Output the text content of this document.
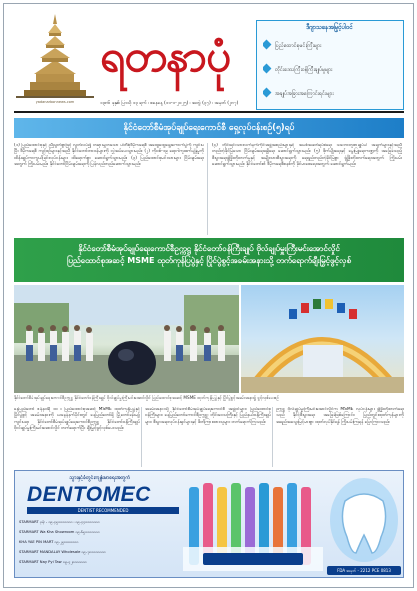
yadanarbonnews.com
ရတနာပုံ
၁၃၈၆ ခုနှစ်၊ ပြာသို ၁၃ ရက် ၊ စနေနေ့ (၁၁-၁-၂၀၂၅) ၊ အတွဲ (၃၇) ၊ အမှတ် (၂၈၇)
ဒီဂျာသနေအမြွင့်ပါဝင်
ပြည်ထောင်စုမင်းကြီးများ
တိုင်းဒေသကြီးဝန်ကြီးချုပ်မှုများ
အချုပ်အခြားအကြောင်းရင်းများ
နိုင်ငံတော်စီမံအုပ်ချုပ်ရေးကောင်စီ ရှေ့လုပ်ငန်းစဉ်(၅)ရပ်
(၁) ပြည်ထောင်စုနှင့် ညီညွတ်စွာဖြင့် လွတ်လပ်၍ တရားမျှတသော ပါတီစုံဒီမိုကရေစီ အထွေထွေရွေးကောက်ပွဲကို ကျင်းပပြီး ဒီမိုကရေစီ ကျင့်စဉ်များနှင့်အညီ နိုင်ငံတော်တာဝန်များကို လွှဲအပ်ပေးသွားမည်။ (၂) ကိုဗစ်-၁၉ ရောဂါကူးစက်ပျံ့နှံ့မှုကို ထိန်းချုပ်ကာကွယ်ခြင်းလုပ်ငန်းများ ထိရောက်စွာ ဆောင်ရွက်သွားမည်။ (၃) ပြည်ထောင်စုမင်းသားများ ငြိမ်းချမ်းရေးအတွက် ကြိုးပမ်းမည်။ နိုင်ငံတော်ငြိမ်းချမ်းရေးကို ပြန်လည်တည်ဆောက်သွားမည်။
(၄) တိုင်းရင်းသားလက်နက်ကိုင်အဖွဲ့အစည်းများနှင့် အပစ်အခတ်ရပ်စဲရေး သဘောတူစာချုပ်ပါ အချက်များနှင့်အညီ တည်တံ့ခိုင်မြဲသော ငြိမ်းချမ်းရေးရရှိရေး ဆောင်ရွက်သွားမည်။ (၅) စိုက်ပျိုးရေးနှင့် မွေးမြူရေးကဏ္ဍကို အခြေခံသည့် စီးပွားရေးဖွံ့ဖြိုးတိုးတက်မှုနှင့် အမျိုးသားစီးပွားရေးကို ရေရှည်တည်တံ့ခိုင်မြဲစွာ ဖွံ့ဖြိုးတိုးတက်ရေးအတွက် ကြိုးပမ်းဆောင်ရွက်သွားမည်။ နိုင်ငံတော်၏ ဒီမိုကရေစီစနစ်ကို ခိုင်မာစေရေးအတွက် ဆောင်ရွက်မည်။
နိုင်ငံတော်စီမံအုပ်ချုပ်ရေးကောင်စီဥက္ကဋ္ဌ နိုင်ငံတော်ဝန်ကြီးချုပ် ဗိုလ်ချုပ်မှူးကြီးမင်းအောင်လှိုင်
ပြည်ထောင်စုအဆင့် MSME ထုတ်ကုန်ပြပွဲနှင့် ပြိုင်ပွဲစွင့်အခမ်းအနားသို့ တက်ရောက်ချီးမြှင့်ဖွင့်လှစ်
နိုင်ငံတော်စီမံအုပ်ချုပ်ရေးကောင်စီဥက္ကဋ္ဌ နိုင်ငံတော်ဝန်ကြီးချုပ် ဗိုလ်ချုပ်မှူးကြီးမင်းအောင်လှိုင် ပြည်ထောင်စုအဆင့် MSME ထုတ်ကုန်ပြပွဲနှင့် ပြိုင်ပွဲစွင့်အခမ်းအနား၌ ဖွင့်လှစ်ပေးစဉ်
နေပြည်တော် ဇန်နဝါရီ ၁၀ ။ ပြည်ထောင်စုအဆင့် MSME ထုတ်ကုန်ပြပွဲနှင့် ပြိုင်ပွဲစွင့် အခမ်းအနားကို ယနေ့နံနက်ပိုင်းတွင် နေပြည်တော်ရှိ မြို့တော်ခန်းမ၌ ကျင်းပရာ နိုင်ငံတော်စီမံအုပ်ချုပ်ရေးကောင်စီဥက္ကဋ္ဌ နိုင်ငံတော်ဝန်ကြီးချုပ် ဗိုလ်ချုပ်မှူးကြီးမင်းအောင်လှိုင် တက်ရောက်ပြီး ချီးမြှင့်ဖွင့်လှစ်ပေးသည်။
အခမ်းအနားသို့ နိုင်ငံတော်စီမံအုပ်ချုပ်ရေးကောင်စီ အဖွဲ့ဝင်များ၊ ပြည်ထောင်စုဝန်ကြီးများ၊ နေပြည်တော်ကောင်စီဥက္ကဋ္ဌ၊ တိုင်းဒေသကြီးနှင့် ပြည်နယ်ဝန်ကြီးချုပ်များ၊ စီးပွားရေးလုပ်ငန်းရှင်များနှင့် ဖိတ်ကြားထားသူများ တက်ရောက်ကြသည်။
ဥက္ကဋ္ဌ ဗိုလ်ချုပ်မှူးကြီးမင်းအောင်လှိုင်က MSME လုပ်ငန်းများ ဖွံ့ဖြိုးတိုးတက်ရေးသည် နိုင်ငံ့စီးပွားရေး အခြေခံဖြစ်ကြောင်း၊ ပြည်တွင်းထုတ်ကုန်များကို အရည်အသွေးမြင့်မားစွာ ထုတ်လုပ်နိုင်ရန် ကြိုးပမ်းကြရန် ပြောကြားသည်။
သွားနှင့်ခံတွင်းကျန်းမာရေးအတွက်
DENTOMEC
DENTIST RECOMMENDED
STARMART ဖုန်း - ၀၉-၄၅၀၀၀၀၀၀၀ ၊ ၀၉-၄၄၀၀၀၀၀၀၀
STARMART Wa Kha Showroom ၀၉-၆၅၀၀၀၀၀၀၀
KHA YAE PIN MART ၀၉-၂၅၀၀၀၀၀၀၀
STARMART MANDALAY Wholesale ၀၉-၇၈၀၀၀၀၀၀၀
STARMART Nay Pyi Taw ၀၉-၄၂၀၀၀၀၀၀၀
FDA အမှတ် - 2212 PCE 0813
